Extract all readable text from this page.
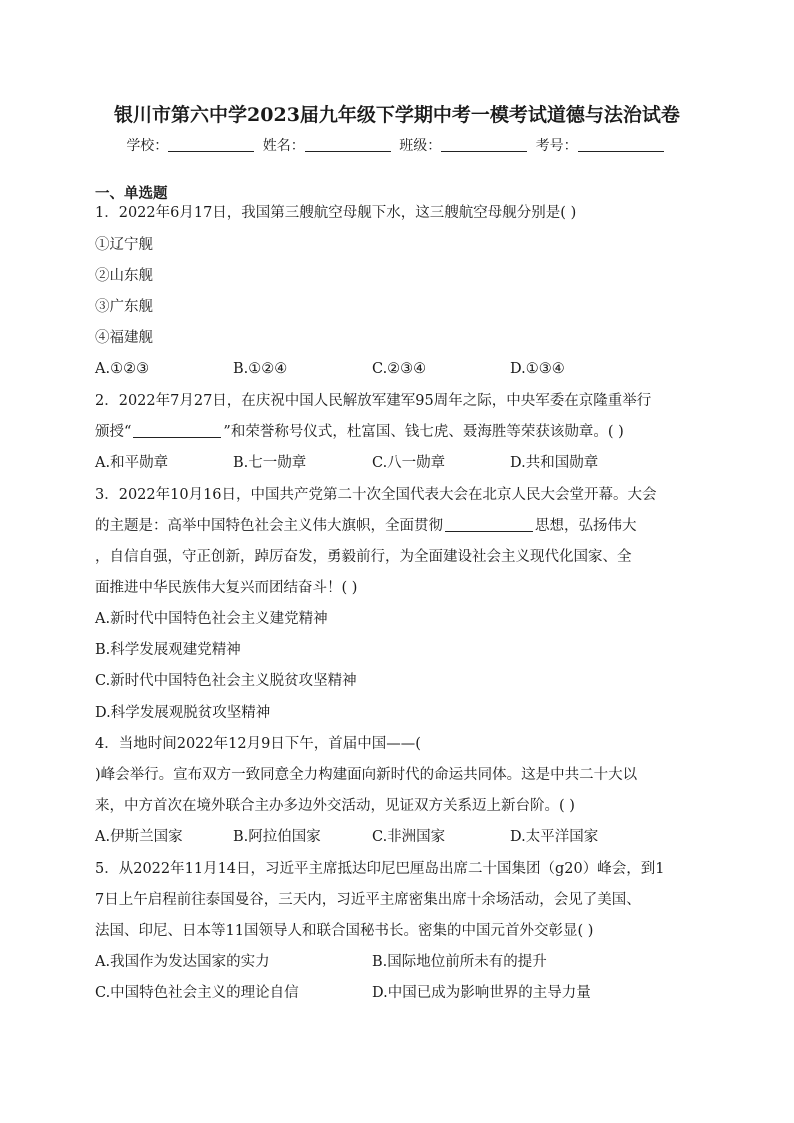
银川市第六中学2023届九年级下学期中考一模考试道德与法治试卷
学校：	姓名：	班级：	考号：
一、单选题
1．2022年6月17日，我国第三艘航空母舰下水，这三艘航空母舰分别是( )
①辽宁舰
②山东舰
③广东舰
④福建舰
A.①②③	B.①②④	C.②③④	D.①③④
2．2022年7月27日，在庆祝中国人民解放军建军95周年之际，中央军委在京隆重举行
颁授“	”和荣誉称号仪式，杜富国、钱七虎、聂海胜等荣获该勋章。( )
A.和平勋章	B.七一勋章	C.八一勋章	D.共和国勋章
3．2022年10月16日，中国共产党第二十次全国代表大会在北京人民大会堂开幕。大会
的主题是：高举中国特色社会主义伟大旗帜，全面贯彻	思想，弘扬伟大
，自信自强，守正创新，踔厉奋发，勇毅前行，为全面建设社会主义现代化国家、全
面推进中华民族伟大复兴而团结奋斗！( )
A.新时代中国特色社会主义建党精神
B.科学发展观建党精神
C.新时代中国特色社会主义脱贫攻坚精神
D.科学发展观脱贫攻坚精神
4．当地时间2022年12月9日下午，首届中国——(
)峰会举行。宣布双方一致同意全力构建面向新时代的命运共同体。这是中共二十大以
来，中方首次在境外联合主办多边外交活动，见证双方关系迈上新台阶。( )
A.伊斯兰国家	B.阿拉伯国家	C.非洲国家	D.太平洋国家
5．从2022年11月14日，习近平主席抵达印尼巴厘岛出席二十国集团（g20）峰会，到1
7日上午启程前往泰国曼谷，三天内，习近平主席密集出席十余场活动，会见了美国、
法国、印尼、日本等11国领导人和联合国秘书长。密集的中国元首外交彰显( )
A.我国作为发达国家的实力	B.国际地位前所未有的提升
C.中国特色社会主义的理论自信	D.中国已成为影响世界的主导力量
